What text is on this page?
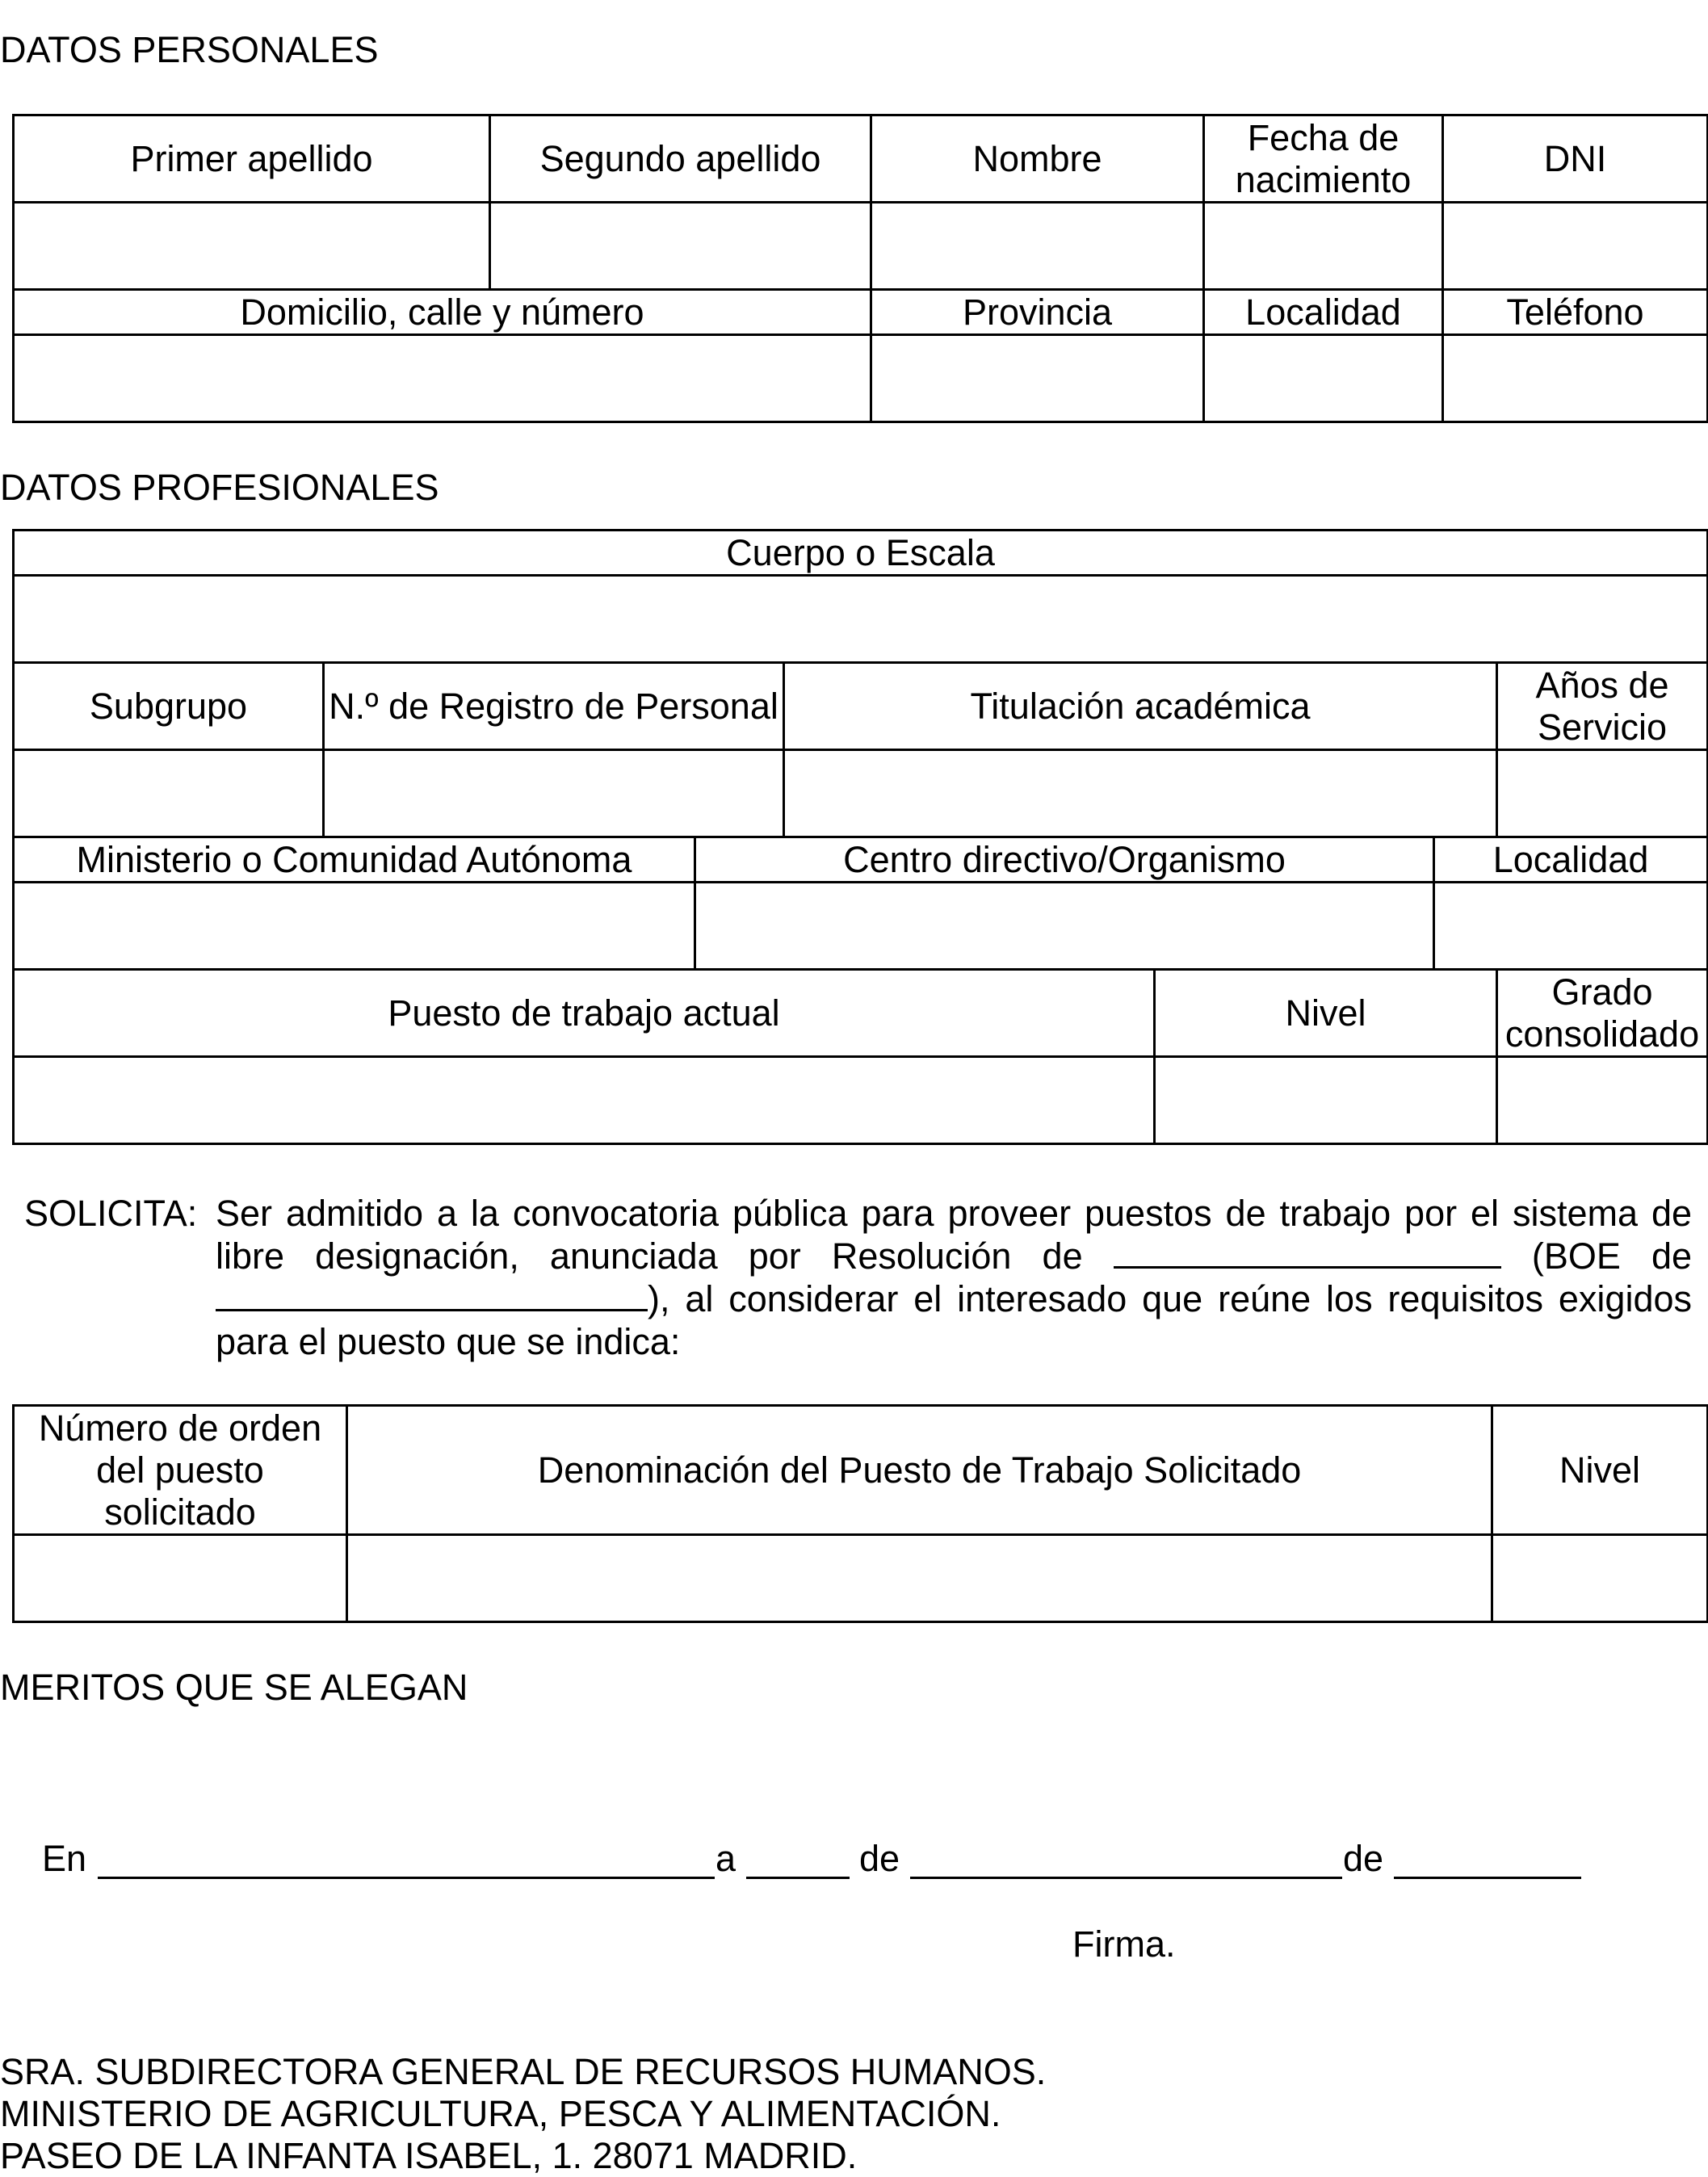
DATOS PERSONALES
Primer apellido	Segundo apellido	Nombre	Fecha de nacimiento	DNI

Domicilio, calle y número		Provincia	Localidad	Teléfono

DATOS PROFESIONALES
Cuerpo o Escala						

Subgrupo	N.º de Registro de Personal		Titulación académica			Años de Servicio

Ministerio o Comunidad Autónoma		Centro directivo/Organismo			Localidad	

Puesto de trabajo actual				Nivel		Grado consolidado

SOLICITA: Ser admitido a la convocatoria pública para proveer puestos de trabajo por el sistema de libre designación, anunciada por Resolución de	(BOE de), al considerar el interesado que reúne los requisitos exigidos para el puesto que se indica:
Número de orden del puesto solicitado	Denominación del Puesto de Trabajo Solicitado	Nivel

MERITOS QUE SE ALEGAN
En	a	de	de
Firma.
SRA. SUBDIRECTORA GENERAL DE RECURSOS HUMANOS.
MINISTERIO DE AGRICULTURA, PESCA Y ALIMENTACIÓN.
PASEO DE LA INFANTA ISABEL, 1. 28071 MADRID.
